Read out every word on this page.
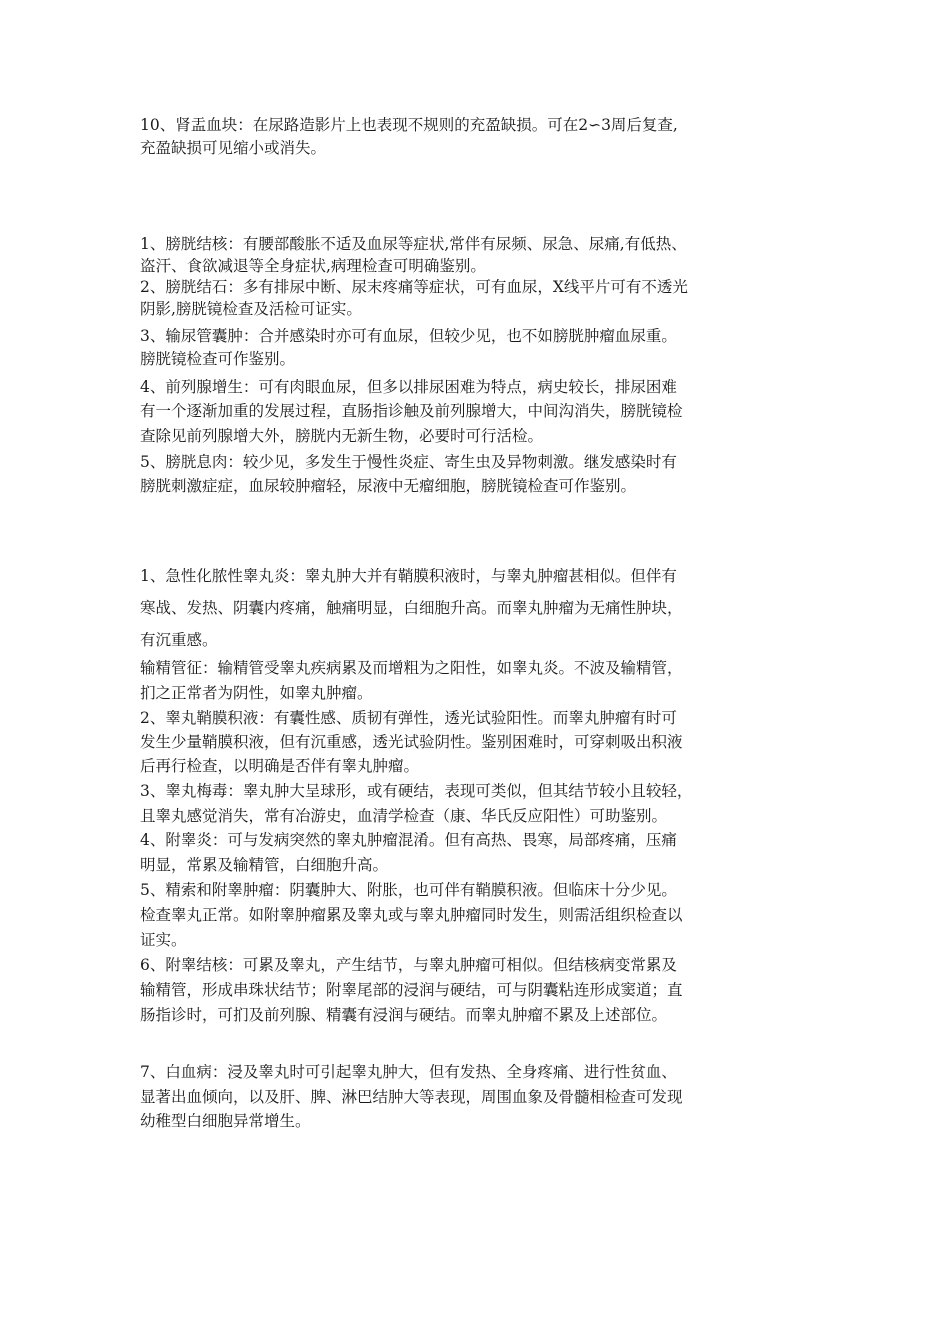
10、肾盂血块：在尿路造影片上也表现不规则的充盈缺损。可在2∽3周后复查,
充盈缺损可见缩小或消失。
1、膀胱结核：有腰部酸胀不适及血尿等症状,常伴有尿频、尿急、尿痛,有低热、
盗汗、食欲减退等全身症状,病理检查可明确鉴别。
2、膀胱结石：多有排尿中断、尿末疼痛等症状，可有血尿，X线平片可有不透光
阴影,膀胱镜检查及活检可证实。
3、输尿管囊肿：合并感染时亦可有血尿，但较少见，也不如膀胱肿瘤血尿重。
膀胱镜检查可作鉴别。
4、前列腺增生：可有肉眼血尿，但多以排尿困难为特点，病史较长，排尿困难
有一个逐渐加重的发展过程，直肠指诊触及前列腺增大，中间沟消失，膀胱镜检
查除见前列腺增大外，膀胱内无新生物，必要时可行活检。
5、膀胱息肉：较少见，多发生于慢性炎症、寄生虫及异物刺激。继发感染时有
膀胱刺激症症，血尿较肿瘤轻，尿液中无瘤细胞，膀胱镜检查可作鉴别。
1、急性化脓性睾丸炎：睾丸肿大并有鞘膜积液时，与睾丸肿瘤甚相似。但伴有
寒战、发热、阴囊内疼痛，触痛明显，白细胞升高。而睾丸肿瘤为无痛性肿块，
有沉重感。
输精管征：输精管受睾丸疾病累及而增粗为之阳性，如睾丸炎。不波及输精管，
扪之正常者为阴性，如睾丸肿瘤。
2、睾丸鞘膜积液：有囊性感、质韧有弹性，透光试验阳性。而睾丸肿瘤有时可
发生少量鞘膜积液，但有沉重感，透光试验阴性。鉴别困难时，可穿刺吸出积液
后再行检查，以明确是否伴有睾丸肿瘤。
3、睾丸梅毒：睾丸肿大呈球形，或有硬结，表现可类似，但其结节较小且较轻，
且睾丸感觉消失，常有冶游史，血清学检查（康、华氏反应阳性）可助鉴别。
4、附睾炎：可与发病突然的睾丸肿瘤混淆。但有高热、畏寒，局部疼痛，压痛
明显，常累及输精管，白细胞升高。
5、精索和附睾肿瘤：阴囊肿大、附胀，也可伴有鞘膜积液。但临床十分少见。
检查睾丸正常。如附睾肿瘤累及睾丸或与睾丸肿瘤同时发生，则需活组织检查以
证实。
6、附睾结核：可累及睾丸，产生结节，与睾丸肿瘤可相似。但结核病变常累及
输精管，形成串珠状结节；附睾尾部的浸润与硬结，可与阴囊粘连形成窦道；直
肠指诊时，可扪及前列腺、精囊有浸润与硬结。而睾丸肿瘤不累及上述部位。
7、白血病：浸及睾丸时可引起睾丸肿大，但有发热、全身疼痛、进行性贫血、
显著出血倾向，以及肝、脾、淋巴结肿大等表现，周围血象及骨髓相检查可发现
幼稚型白细胞异常增生。
